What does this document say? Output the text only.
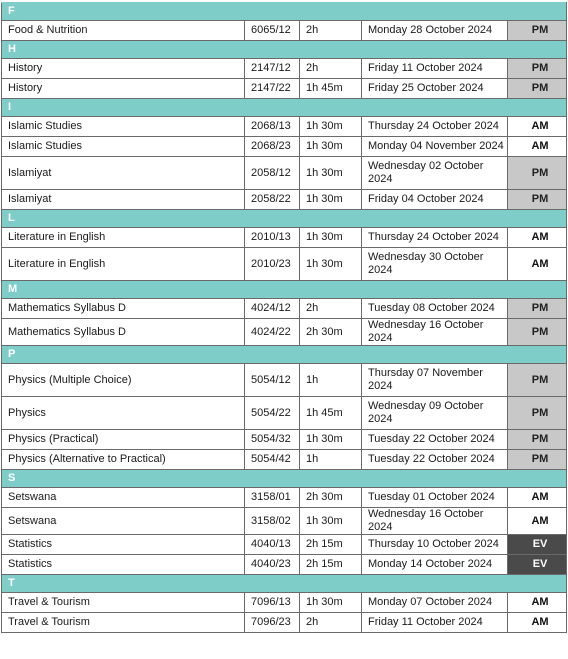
F				
Food & Nutrition	6065/12	2h	Monday 28 October 2024	PM
H				
History	2147/12	2h	Friday 11 October 2024	PM
History	2147/22	1h 45m	Friday 25 October 2024	PM
I				
Islamic Studies	2068/13	1h 30m	Thursday 24 October 2024	AM
Islamic Studies	2068/23	1h 30m	Monday 04 November 2024	AM
Islamiyat	2058/12	1h 30m	Wednesday 02 October 2024	PM
Islamiyat	2058/22	1h 30m	Friday 04 October 2024	PM
L				
Literature in English	2010/13	1h 30m	Thursday 24 October 2024	AM
Literature in English	2010/23	1h 30m	Wednesday 30 October 2024	AM
M				
Mathematics Syllabus D	4024/12	2h	Tuesday 08 October 2024	PM
Mathematics Syllabus D	4024/22	2h 30m	Wednesday 16 October 2024	PM
P				
Physics (Multiple Choice)	5054/12	1h	Thursday 07 November 2024	PM
Physics	5054/22	1h 45m	Wednesday 09 October 2024	PM
Physics (Practical)	5054/32	1h 30m	Tuesday 22 October 2024	PM
Physics (Alternative to Practical)	5054/42	1h	Tuesday 22 October 2024	PM
S				
Setswana	3158/01	2h 30m	Tuesday 01 October 2024	AM
Setswana	3158/02	1h 30m	Wednesday 16 October 2024	AM
Statistics	4040/13	2h 15m	Thursday 10 October 2024	EV
Statistics	4040/23	2h 15m	Monday 14 October 2024	EV
T				
Travel & Tourism	7096/13	1h 30m	Monday 07 October 2024	AM
Travel & Tourism	7096/23	2h	Friday 11 October 2024	AM
